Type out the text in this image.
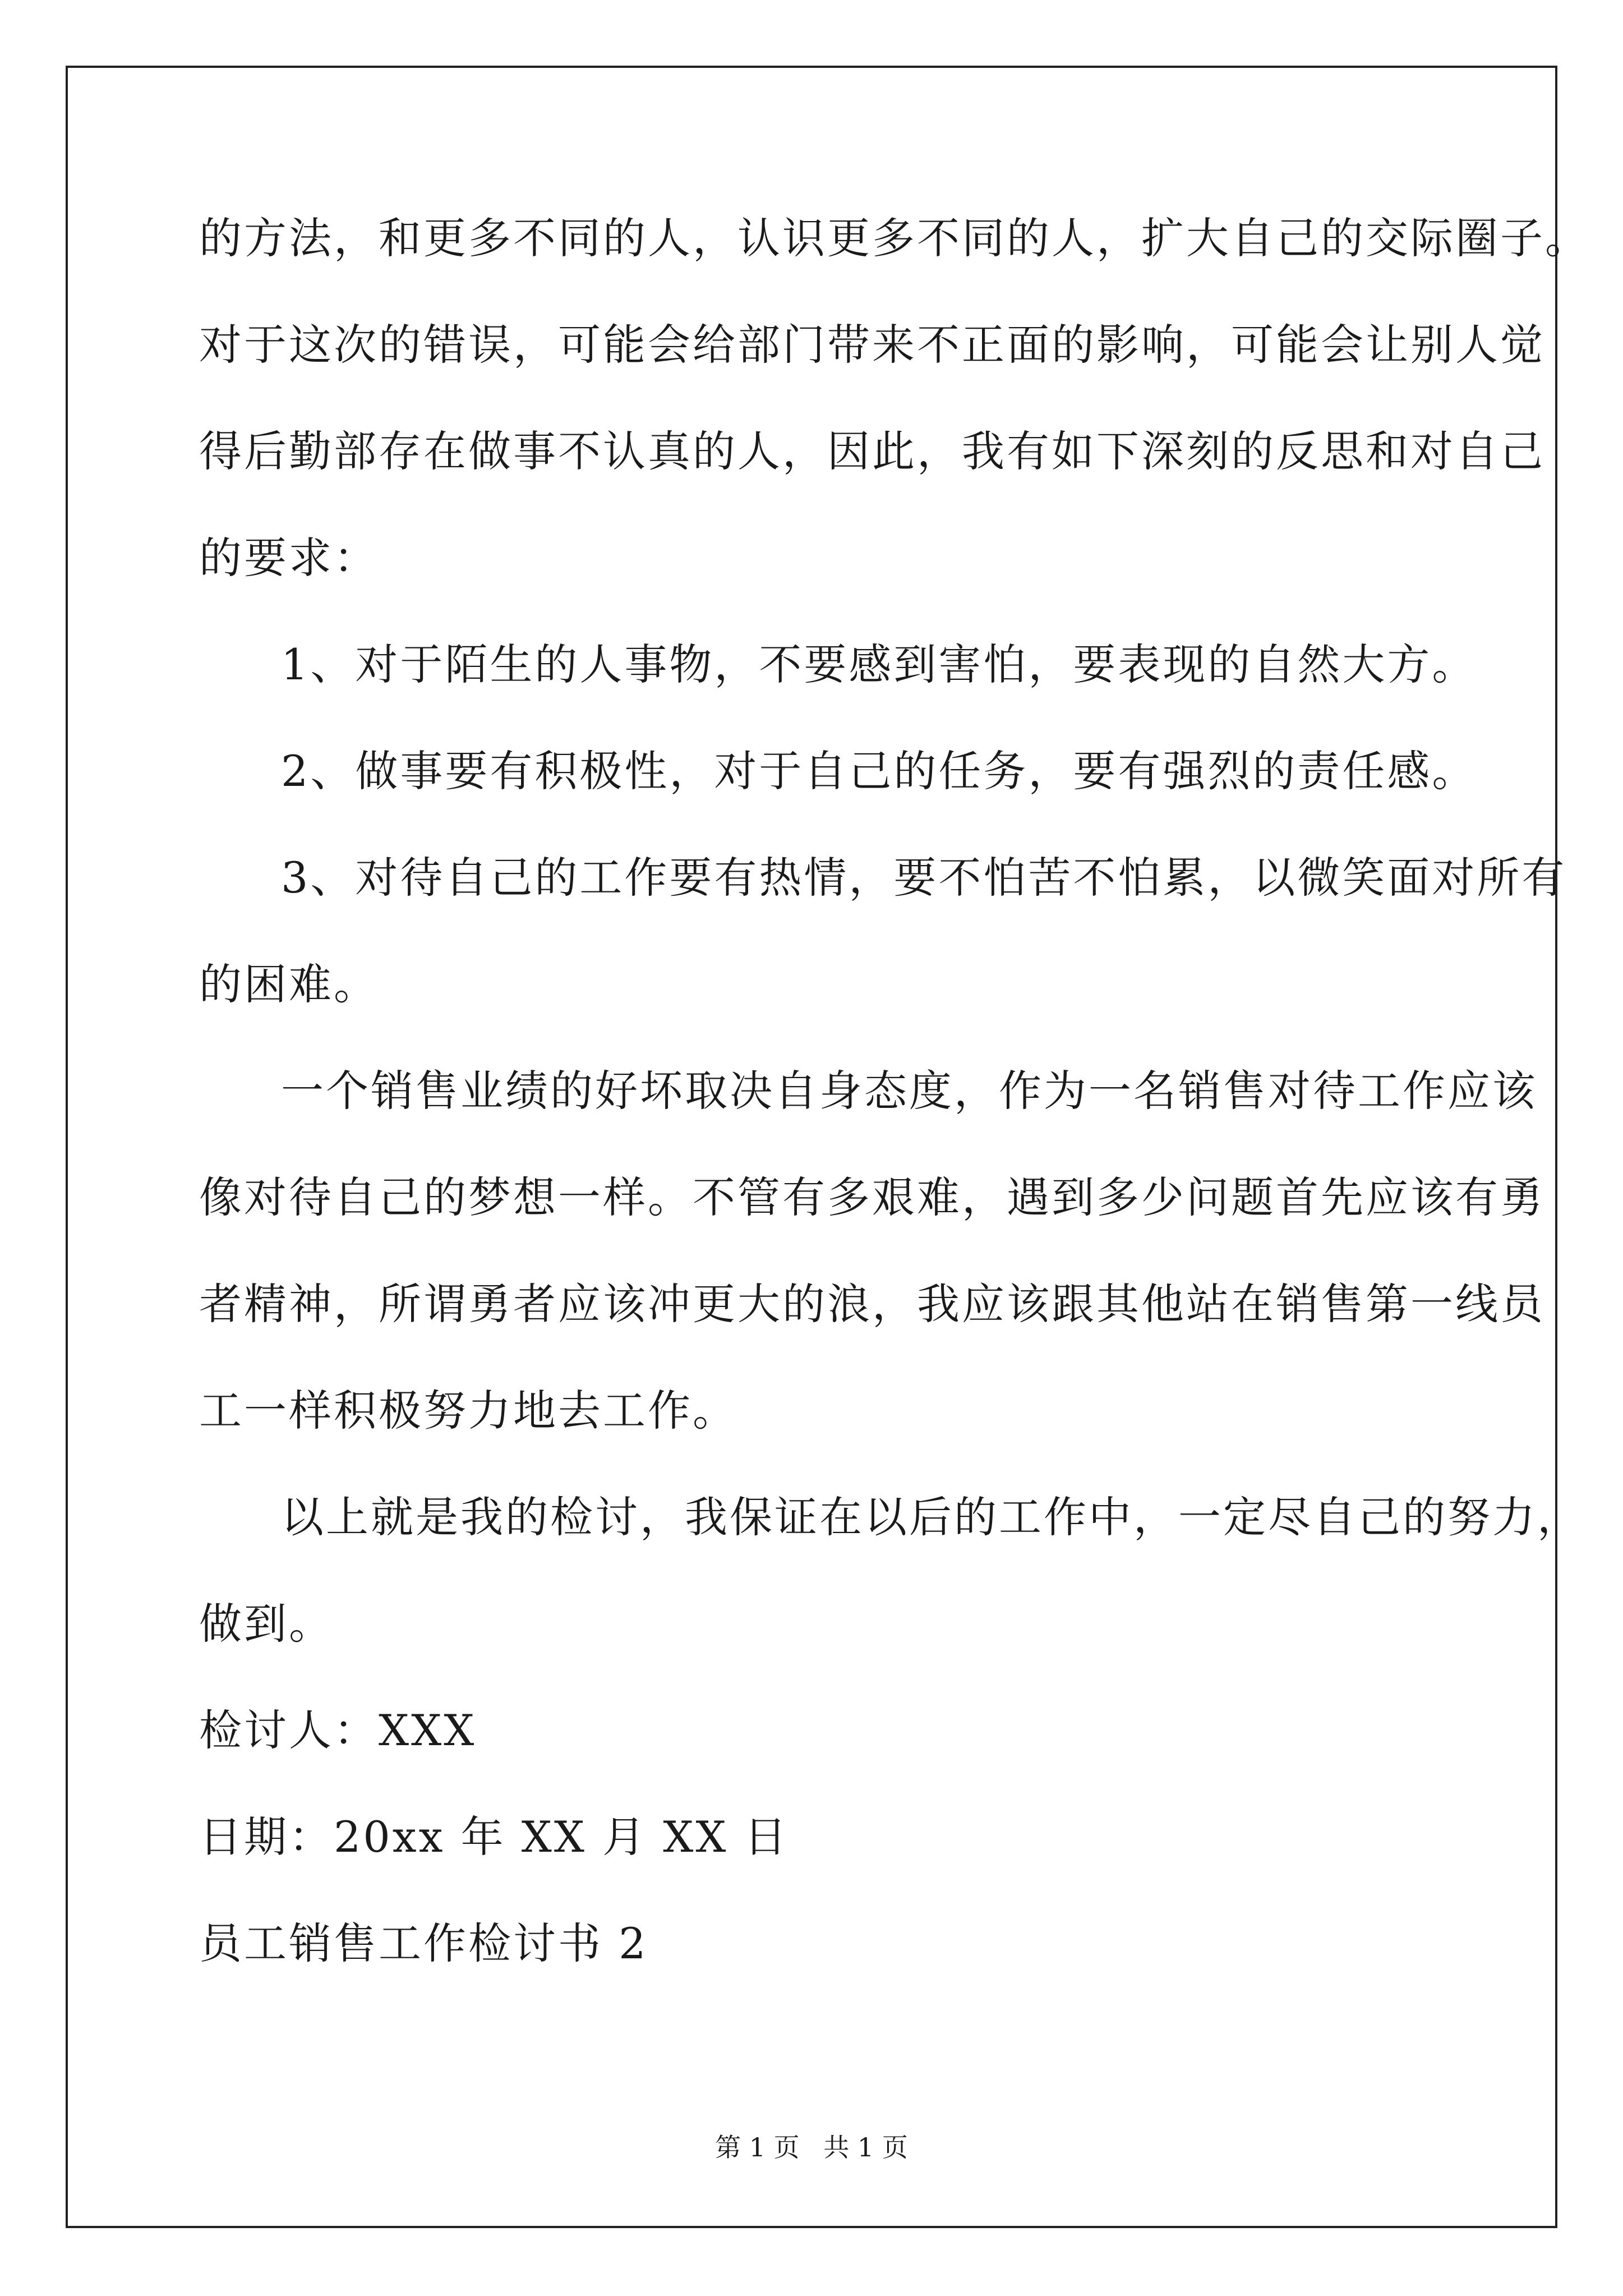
的方法，和更多不同的人，认识更多不同的人，扩大自己的交际圈子。
对于这次的错误，可能会给部门带来不正面的影响，可能会让别人觉
得后勤部存在做事不认真的人，因此，我有如下深刻的反思和对自己
的要求：
1、对于陌生的人事物，不要感到害怕，要表现的自然大方。
2、做事要有积极性，对于自己的任务，要有强烈的责任感。
3、对待自己的工作要有热情，要不怕苦不怕累，以微笑面对所有
的困难。
一个销售业绩的好坏取决自身态度，作为一名销售对待工作应该
像对待自己的梦想一样。不管有多艰难，遇到多少问题首先应该有勇
者精神，所谓勇者应该冲更大的浪，我应该跟其他站在销售第一线员
工一样积极努力地去工作。
以上就是我的检讨，我保证在以后的工作中，一定尽自己的努力，
做到。
检讨人：XXX
日期：20xx 年 XX 月 XX 日
员工销售工作检讨书 2
第 1 页 共 1 页
